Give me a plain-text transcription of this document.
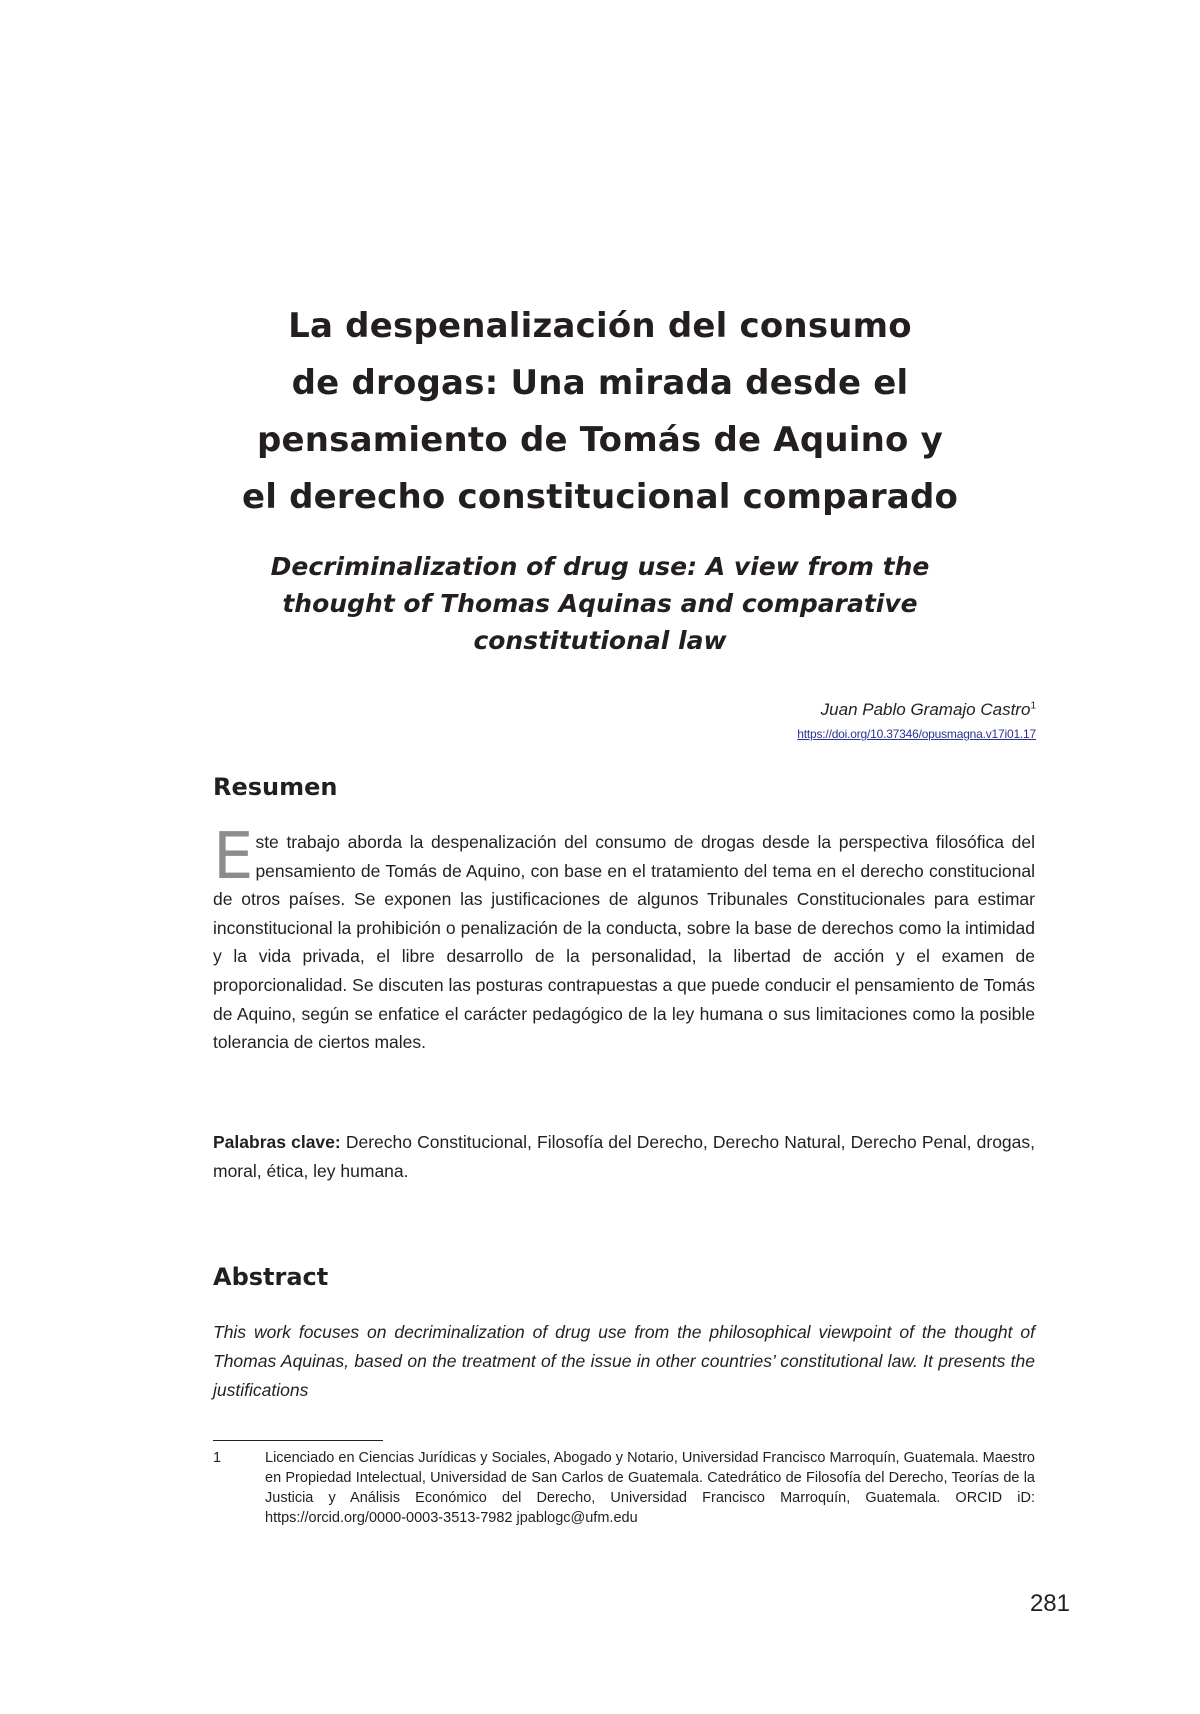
La despenalización del consumo
de drogas: Una mirada desde el
pensamiento de Tomás de Aquino y
el derecho constitucional comparado
Decriminalization of drug use: A view from the
thought of Thomas Aquinas and comparative
constitutional law
Juan Pablo Gramajo Castro$^1$
https://doi.org/10.37346/opusmagna.v17i01.17
Resumen

Este trabajo aborda la despenalización del consumo de drogas desde la perspectiva filosófica del pensamiento de Tomás de Aquino, con base en el tratamiento del tema en el derecho constitucional de otros países. Se exponen las justificaciones de algunos Tribunales Constitucionales para estimar inconstitucional la prohibición o penalización de la conducta, sobre la base de derechos como la intimidad y la vida privada, el libre desarrollo de la personalidad, la libertad de acción y el examen de proporcionalidad. Se discuten las posturas contrapuestas a que puede conducir el pensamiento de Tomás de Aquino, según se enfatice el carácter pedagógico de la ley humana o sus limitaciones como la posible tolerancia de ciertos males.

Palabras clave: Derecho Constitucional, Filosofía del Derecho, Derecho Natural, Derecho Penal, drogas, moral, ética, ley humana.

Abstract

This work focuses on decriminalization of drug use from the philosophical viewpoint of the thought of Thomas Aquinas, based on the treatment of the issue in other countries’ constitutional law. It presents the justifications

1	Licenciado en Ciencias Jurídicas y Sociales, Abogado y Notario, Universidad Francisco Marroquín, Guatemala. Maestro en Propiedad Intelectual, Universidad de San Carlos de Guatemala. Catedrático de Filosofía del Derecho, Teorías de la Justicia y Análisis Económico del Derecho, Universidad Francisco Marroquín, Guatemala. ORCID iD: https://orcid.org/0000-0003-3513-7982 jpablogc@ufm.edu
281
